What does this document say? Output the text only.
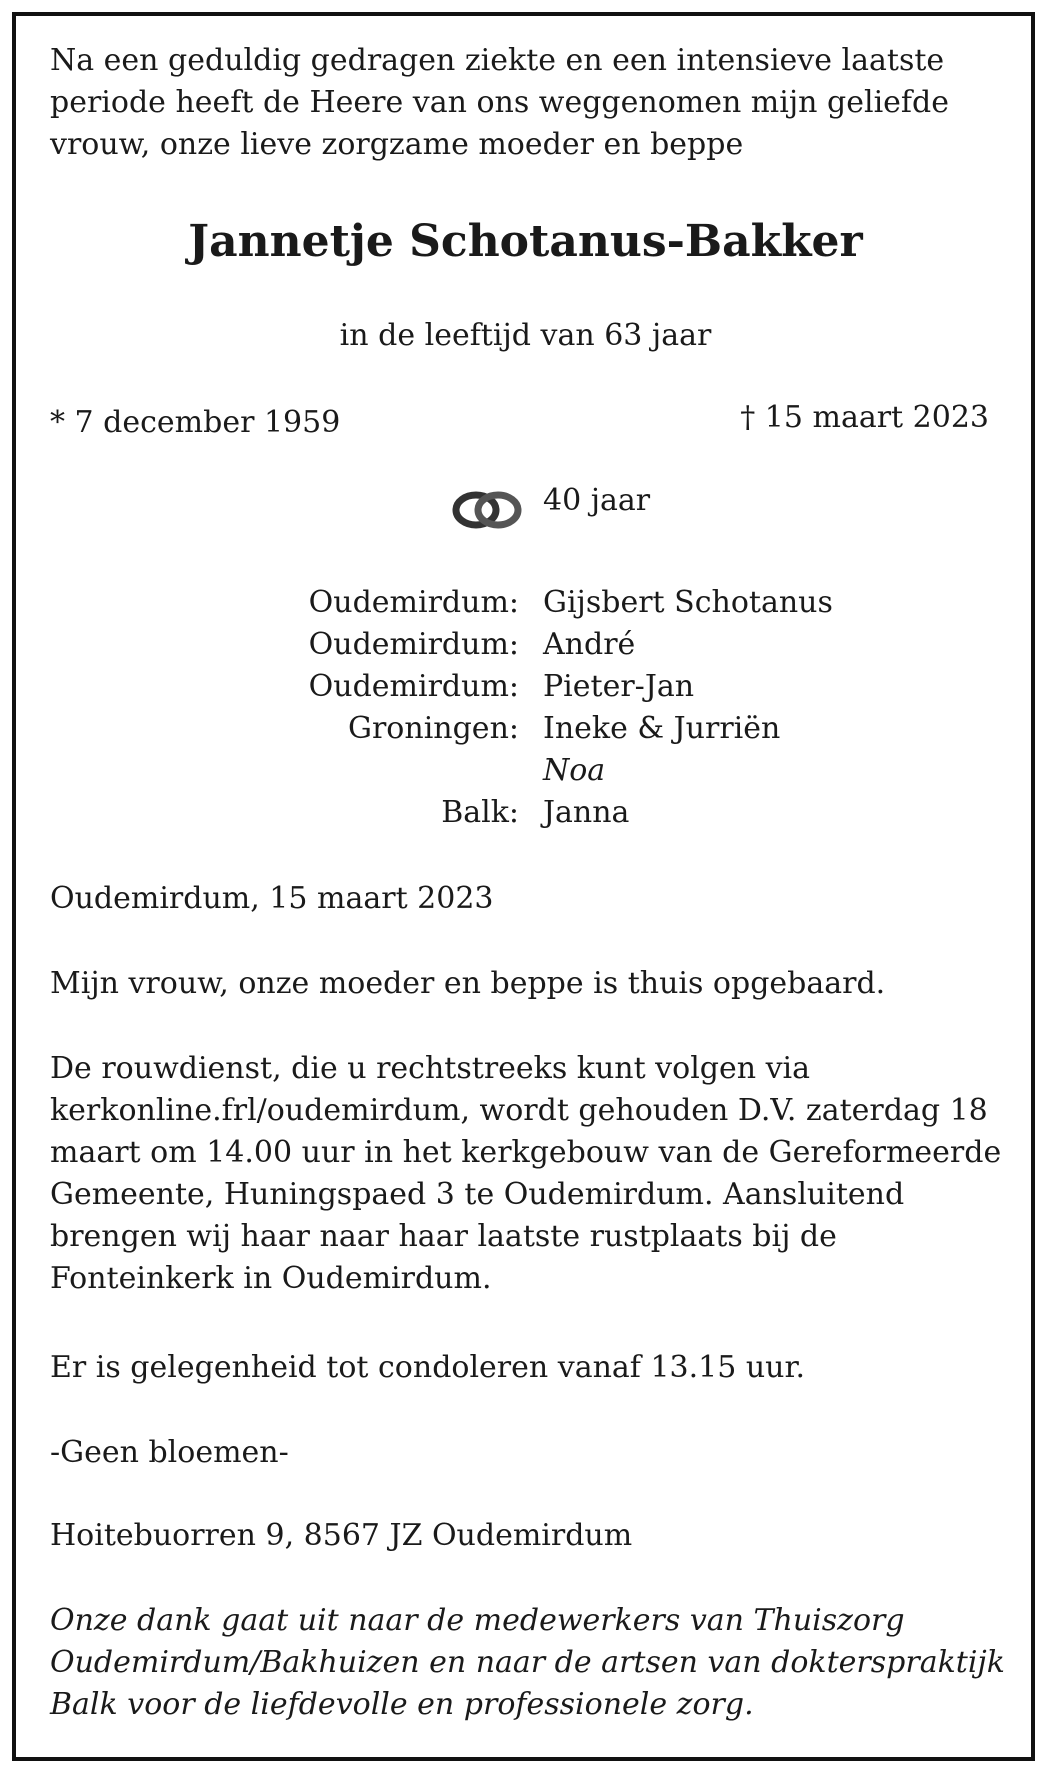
Na een geduldig gedragen ziekte en een intensieve laatste periode heeft de Heere van ons weggenomen mijn geliefde vrouw, onze lieve zorgzame moeder en beppe
Jannetje Schotanus-Bakker
in de leeftijd van 63 jaar
* 7 december 1959	† 15 maart 2023
40 jaar
Oudemirdum: Gijsbert Schotanus
Oudemirdum: André
Oudemirdum: Pieter-Jan
Groningen: Ineke & Jurriën
Noa
Balk: Janna
Oudemirdum, 15 maart 2023
Mijn vrouw, onze moeder en beppe is thuis opgebaard.
De rouwdienst, die u rechtstreeks kunt volgen via kerkonline.frl/oudemirdum, wordt gehouden D.V. zaterdag 18 maart om 14.00 uur in het kerkgebouw van de Gereformeerde Gemeente, Huningspaed 3 te Oudemirdum. Aansluitend brengen wij haar naar haar laatste rustplaats bij de Fonteinkerk in Oudemirdum.
Er is gelegenheid tot condoleren vanaf 13.15 uur.
-Geen bloemen-
Hoitebuorren 9, 8567 JZ Oudemirdum
Onze dank gaat uit naar de medewerkers van Thuiszorg Oudemirdum/Bakhuizen en naar de artsen van dokterspraktijk Balk voor de liefdevolle en professionele zorg.
